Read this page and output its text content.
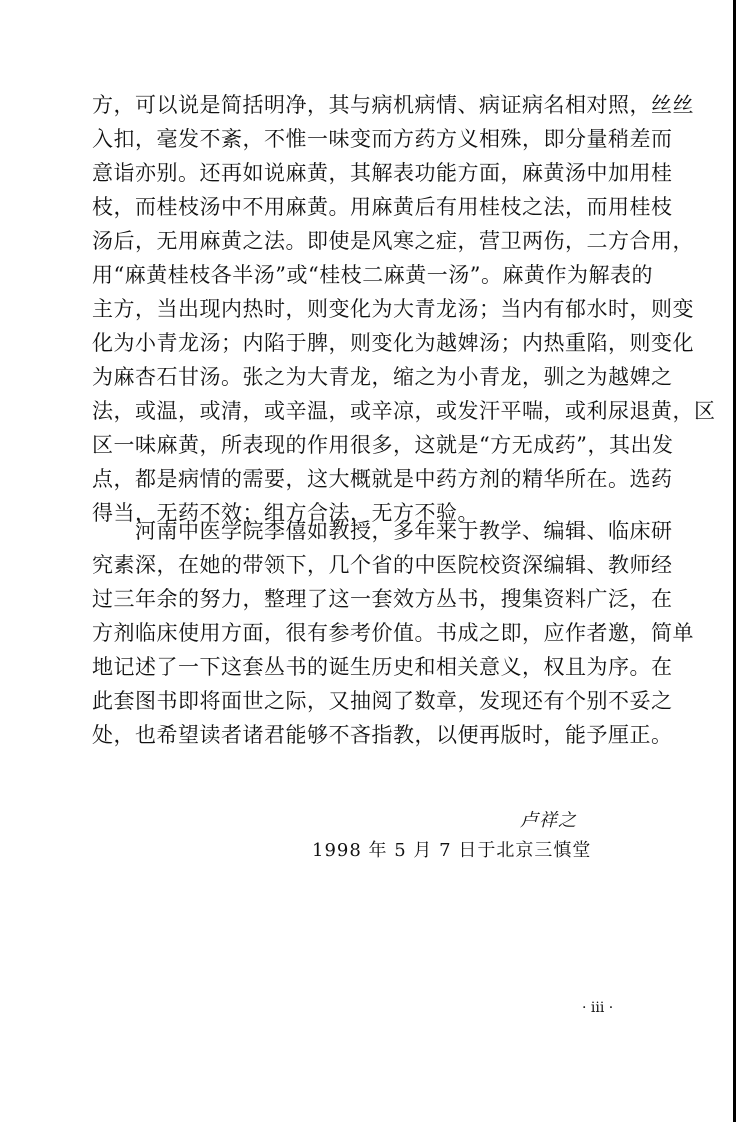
方，可以说是简括明净，其与病机病情、病证病名相对照，丝丝
入扣，毫发不紊，不惟一味变而方药方义相殊，即分量稍差而
意诣亦别。还再如说麻黄，其解表功能方面，麻黄汤中加用桂
枝，而桂枝汤中不用麻黄。用麻黄后有用桂枝之法，而用桂枝
汤后，无用麻黄之法。即使是风寒之症，营卫两伤，二方合用，
用“麻黄桂枝各半汤”或“桂枝二麻黄一汤”。麻黄作为解表的
主方，当出现内热时，则变化为大青龙汤；当内有郁水时，则变
化为小青龙汤；内陷于脾，则变化为越婢汤；内热重陷，则变化
为麻杏石甘汤。张之为大青龙，缩之为小青龙，驯之为越婢之
法，或温，或清，或辛温，或辛凉，或发汗平喘，或利尿退黄，区
区一味麻黄，所表现的作用很多，这就是“方无成药”，其出发
点，都是病情的需要，这大概就是中药方剂的精华所在。选药
得当，无药不效；组方合法，无方不验。
　　河南中医学院李僖如教授，多年来于教学、编辑、临床研
究素深，在她的带领下，几个省的中医院校资深编辑、教师经
过三年余的努力，整理了这一套效方丛书，搜集资料广泛，在
方剂临床使用方面，很有参考价值。书成之即，应作者邀，简单
地记述了一下这套丛书的诞生历史和相关意义，权且为序。在
此套图书即将面世之际，又抽阅了数章，发现还有个别不妥之
处，也希望读者诸君能够不吝指教，以便再版时，能予厘正。
卢祥之
1998 年 5 月 7 日于北京三慎堂
· iii ·
